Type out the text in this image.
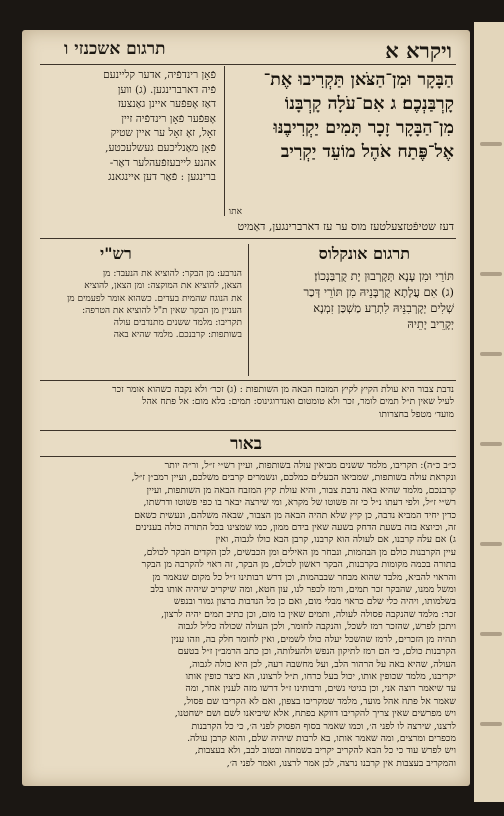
ויקרא א
תרגום אשכנזי ו
הַבָּקָר וּמִן־הַצֹּאן תַּקְרִיבוּ אֶת־
קָרְבַּנְכֶם׃ ג אִם־עֹלָה קָרְבָּנוֹ
מִן־הַבָּקָר זָכָר תָּמִים יַקְרִיבֶנּוּ
אֶל־פֶּתַח אֹהֶל מוֹעֵד יַקְרִיב
אתו
פֿאָן רינדפֿיה, אדער קליינעם
פֿיה דארברינגען. (ג) ווען
דאַז אָפּפֿער איינן גאַנצעז
אָפּפֿער פֿאָן רינדפֿיה זיין
זאָל, זאָ זאָל ער איין שטיק
פֿאָן מאַנליכעם געשלעכטע,
אהנע לייבעזפֿעהלער דאַר-
ברינגען : פֿאַר דען איינגאנג
דעז שטיפֿטזצעלטעז מוס ער עז דארברינגען, דאַמיט
תרגום אונקלוס
רש"י
תּוֹרֵי וּמִן עָנָא תְּקָרְבוּן יָת קֻרְבַּנְכוֹן׃
(ג) אִם עֲלָתָא קֻרְבָּנֵיהּ מִן תּוֹרֵי דְּכַר
שְׁלִים יְקָרְבִנֵּיהּ לִתְרַע מַשְׁכַּן זִמְנָא
יְקָרֵיב יָתֵיהּ
הנרבע: מן הבקר: להוציא את הנעבד: מן
הצאן, להוציא את המוקצה: ומן הצאן, להוציא
את הנוגח שהמית בעדים. כשהוא אומר לפעמים מן
העניין מן הבקר שאין ת"ל להוציא את הטרפה:
תקריבו: מלמד ששנים מתנדבים עולה
בשותפות: קרבנכם. מלמד שהיא באה
נדבת צבור היא עולת הקיץ לקיץ המזבח הבאה מן השותפות : (ג) זכר׳ ולא נקבה כשהוא אומר זכר
לעיל שאין ת״ל תמים לומר, זכר ולא טומטום ואנדרוגינוס: תמים: בלא מום: אל פתח אהל
מועד׳ מטפל בחצרותו
באור
כ״ב כ״ה): תקריבו, מלמד ששנים מביאין עולה בשותפות, ועיין רש״י ז״ל, ור״ה יותר
ונקראת עולה בשותפות, שמביאו הבעלים כמלכם, ונשמרים קרבים משלכם, ועיין רמב״ן ז״ל,
קרבנכם, מלמד שהיא באה נדבת צבור, והיא עולת קיץ המזבח הבאה מן השותפות, ועיין
רש״י ז״ל, ולפי דעתו נ״ל כי זה פשוטו של מקרא, ומי שירצה יבאר בו כפי פשוטו ודרשתו,
כדין יחיד המביא נדבה, כן קיץ שלא תהיה הבאה מן הצבור, שבאה משלהם, ונעשית כשאם
זה, וכיוצא בזה בשעת הדחק בשעה שאין בידם ממון, כמו שמצינו בכל התורה כולה בענינים
ג) אם עלה קרבנו, אם לעולה הוא קרבנו, קרבן הבא כולו לגבוה, ואין
עיין הקרבנות כולם מן הבהמות, ונבחר מן האילים ומן הכבשים, לכן הקדים הבקר לכולם,
בתורה בכמה מקומות בקרבנות, הבקר ראשון לכולם, מן הבקר, זה ראוי להקרבה מן הבקר
והראוי להביא, מלבד שהוא מבחר שבבהמות, וכן דרש רבותינו ז״ל כל מקום שנאמר מן
ומשל ממנו, שהבקר זכר תמים, ורמז לכפר לנו, עון חטא, ומה שיקריב שיהיה אותו בלב
בשלמותו, ויהיה כלי שלם כראוי מבלי מום, ואם כן כל הנדבות ברצון גמור ובנפש
זכר: מלמד שהנקבה פסולה לעולה, ותמים שאין בו מום, וכן כתיב תמים יהיה לרצון,
ויתכן לפרש, שהזכר רמז לשכל, והנקבה לחומר, ולכן העולה שכולה כליל לגבוה
תהיה מן הזכרים, לרמז שהשכל יעלה כולו לשמים, ואין לחומר חלק בה, וזהו ענין
הקרבנות כולם, כי הם רמז לתיקון הנפש ולהעלותה, וכן כתב הרמב״ן ז״ל בטעם
העולה, שהיא באה על הרהור הלב, ועל מחשבה רעה, לכן היא כולה לגבוה,
יקריבנו, מלמד שכופין אותו, יכול בעל כרחו, ת״ל לרצונו, הא כיצד כופין אותו
עד שיאמר רוצה אני, וכן בגיטי נשים, ורבותינו ז״ל דרשו מזה לענין אחר, ומה
שאמר אל פתח אהל מועד, מלמד שמקריבו בצפון, ואם לא הקריבו שם פסול,
ויש מפרשים שאין צריך להקריבו דווקא בפתח, אלא שיביאנו לשם ושם ישחטנו,
לרצנו, שירצה לו לפני ה׳, וכמו שאמר בסוף הפסוק לפני ה׳, כי כל הקרבנות
מכפרים ומרצים, ומה שאמר אותו, בא לרבות שיהיה שלם, והוא קרבן עולה.
ויש לפרש עוד כי כל הבא להקריב יקריב בשמחה ובטוב לבב, ולא בעצבות,
והמקריב בעצבות אין קרבנו נרצה, לכן אמר לרצנו, ואמר לפני ה׳,
